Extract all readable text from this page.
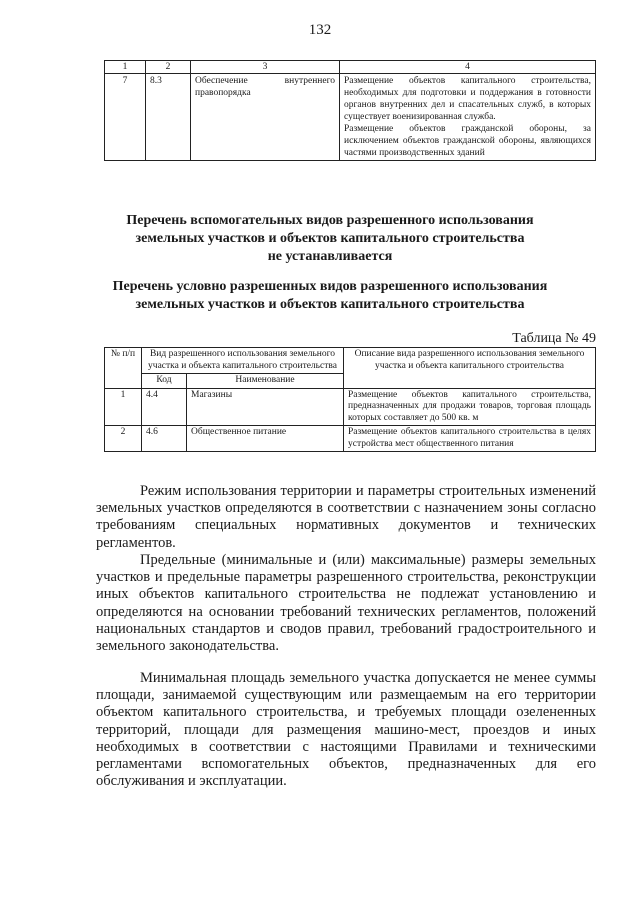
132
1	2	3	4
7	8.3	Обеспечение внутреннего правопорядка	Размещение объектов капитального строительства, необходимых для подготовки и поддержания в готовности органов внутренних дел и спасательных служб, в которых существует военизированная служба.
Размещение объектов гражданской обороны, за исключением объектов гражданской обороны, являющихся частями производственных зданий
Перечень вспомогательных видов разрешенного использования
земельных участков и объектов капитального строительства
не устанавливается
Перечень условно разрешенных видов разрешенного использования
земельных участков и объектов капитального строительства
Таблица № 49
№ п/п	Вид разрешенного использования земельного участка и объекта капитального строительства		Описание вида разрешенного использования земельного участка и объекта капитального строительства
	Код	Наименование	
1	4.4	Магазины	Размещение объектов капитального строительства, предназначенных для продажи товаров, торговая площадь которых составляет до 500 кв. м
2	4.6	Общественное питание	Размещение объектов капитального строительства в целях устройства мест общественного питания

Режим использования территории и параметры строительных изменений земельных участков определяются в соответствии с назначением зоны согласно требованиям специальных нормативных документов и технических регламентов.

Предельные (минимальные и (или) максимальные) размеры земельных участков и предельные параметры разрешенного строительства, реконструкции иных объектов капитального строительства не подлежат установлению и определяются на основании требований технических регламентов, положений национальных стандартов и сводов правил, требований градостроительного и земельного законодательства.

Минимальная площадь земельного участка допускается не менее суммы площади, занимаемой существующим или размещаемым на его территории объектом капитального строительства, и требуемых площади озелененных территорий, площади для размещения машино-мест, проездов и иных необходимых в соответствии с настоящими Правилами и техническими регламентами вспомогательных объектов, предназначенных для его обслуживания и эксплуатации.
